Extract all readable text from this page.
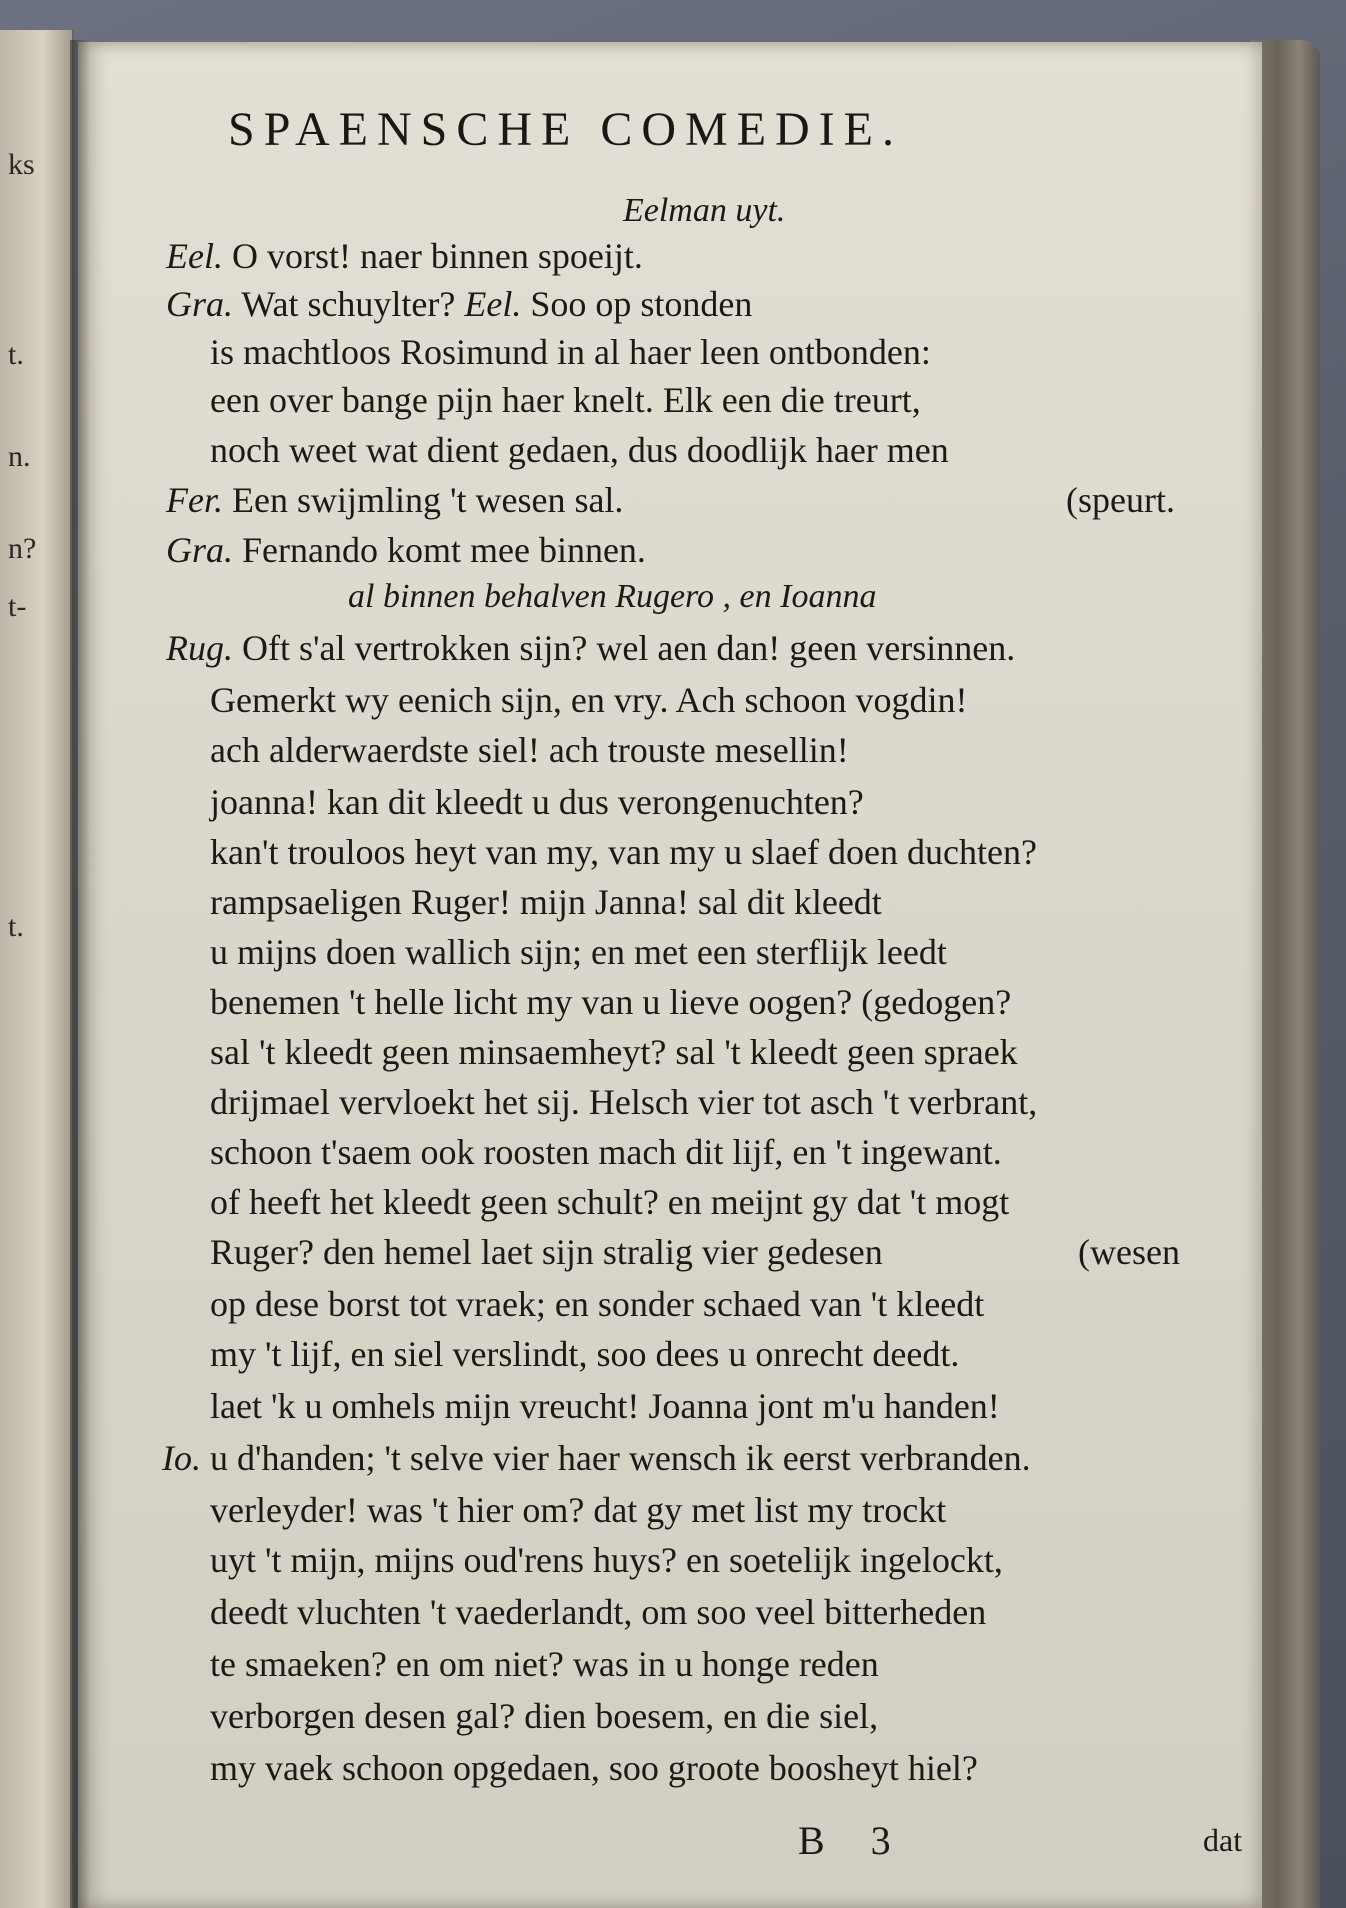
ks
t.
n.
n?
t-
t.
SPAENSCHE COMEDIE.
Eelman uyt.
Eel. O vorst! naer binnen spoeijt.
Gra. Wat schuylter? Eel. Soo op stonden
is machtloos Rosimund in al haer leen ontbonden:
een over bange pijn haer knelt. Elk een die treurt,
noch weet wat dient gedaen, dus doodlijk haer men
Fer. Een swijmling 't wesen sal.	(speurt.
Gra. Fernando komt mee binnen.
al binnen behalven Rugero , en Ioanna
Rug. Oft s'al vertrokken sijn? wel aen dan! geen versinnen.
Gemerkt wy eenich sijn, en vry. Ach schoon vogdin!
ach alderwaerdste siel! ach trouste mesellin!
joanna! kan dit kleedt u dus verongenuchten?
kan't trouloos heyt van my, van my u slaef doen duchten?
rampsaeligen Ruger! mijn Janna! sal dit kleedt
u mijns doen wallich sijn; en met een sterflijk leedt
benemen 't helle licht my van u lieve oogen? (gedogen?
sal 't kleedt geen minsaemheyt? sal 't kleedt geen spraek
drijmael vervloekt het sij. Helsch vier tot asch 't verbrant,
schoon t'saem ook roosten mach dit lijf, en 't ingewant.
of heeft het kleedt geen schult? en meijnt gy dat 't mogt
Ruger? den hemel laet sijn stralig vier gedesen	(wesen
op dese borst tot vraek; en sonder schaed van 't kleedt
my 't lijf, en siel verslindt, soo dees u onrecht deedt.
laet 'k u omhels mijn vreucht! Joanna jont m'u handen!
Io. u d'handen; 't selve vier haer wensch ik eerst verbranden.
verleyder! was 't hier om? dat gy met list my trockt
uyt 't mijn, mijns oud'rens huys? en soetelijk ingelockt,
deedt vluchten 't vaederlandt, om soo veel bitterheden
te smaeken? en om niet? was in u honge reden
verborgen desen gal? dien boesem, en die siel,
my vaek schoon opgedaen, soo groote boosheyt hiel?
B 3	dat
